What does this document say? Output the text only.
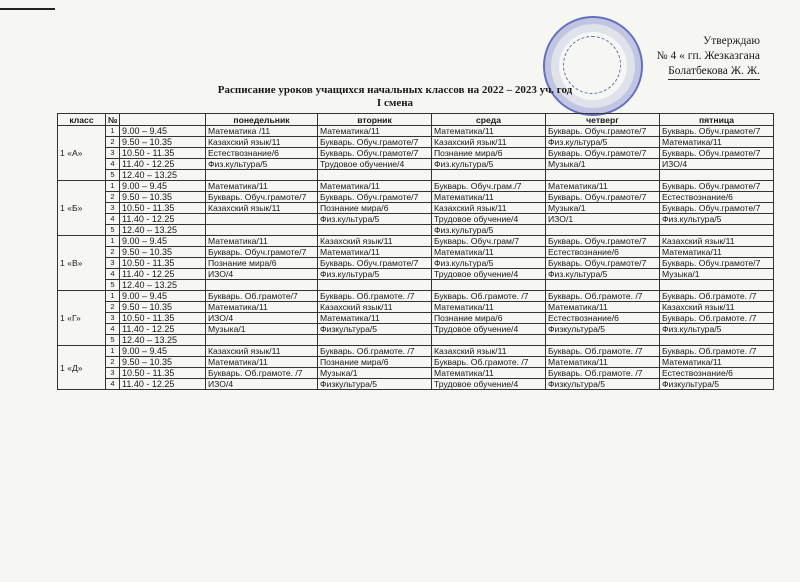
Утверждаю
№ 4 « гп. Жезказгана
Болатбекова Ж. Ж.
Расписание уроков учащихся начальных классов на 2022 – 2023 уч. год
I смена
класс	№		понедельник	вторник	среда	четверг	пятница
1 «А»	1	9.00 – 9.45	Математика /11	Математика/11	Математика/11	Букварь. Обуч.грамоте/7	Букварь. Обуч.грамоте/7
	2	9.50 – 10.35	Казахский язык/11	Букварь. Обуч.грамоте/7	Казахский язык/11	Физ.культура/5	Математика/11
	3	10.50 - 11.35	Естествознание/6	Букварь. Обуч.грамоте/7	Познание мира/6	Букварь. Обуч.грамоте/7	Букварь. Обуч.грамоте/7
	4	11.40 - 12.25	Физ.культура/5	Трудовое обучение/4	Физ.культура/5	Музыка/1	ИЗО/4
	5	12.40 – 13.25					
1 «Б»	1	9.00 – 9.45	Математика/11	Математика/11	Букварь. Обуч.грам./7	Математика/11	Букварь. Обуч.грамоте/7
	2	9.50 – 10.35	Букварь. Обуч.грамоте/7	Букварь. Обуч.грамоте/7	Математика/11	Букварь. Обуч.грамоте/7	Естествознание/6
	3	10.50 - 11.35	Казахский язык/11	Познание мира/6	Казахский язык/11	Музыка/1	Букварь. Обуч.грамоте/7
	4	11.40 - 12.25		Физ.культура/5	Трудовое обучение/4	ИЗО/1	Физ.культура/5
	5	12.40 – 13.25			Физ.культура/5		
1 «В»	1	9.00 – 9.45	Математика/11	Казахский язык/11	Букварь. Обуч.грам/7	Букварь. Обуч.грамоте/7	Казахский язык/11
	2	9.50 – 10.35	Букварь. Обуч.грамоте/7	Математика/11	Математика/11	Естествознание/6	Математика/11
	3	10.50 - 11.35	Познание мира/6	Букварь. Обуч.грамоте/7	Физ.культура/5	Букварь. Обуч.грамоте/7	Букварь. Обуч.грамоте/7
	4	11.40 - 12.25	ИЗО/4	Физ.культура/5	Трудовое обучение/4	Физ.культура/5	Музыка/1
	5	12.40 – 13.25					
1 «Г»	1	9.00 – 9.45	Букварь. Об.грамоте/7	Букварь. Об.грамоте. /7	Букварь. Об.грамоте. /7	Букварь. Об.грамоте. /7	Букварь. Об.грамоте. /7
	2	9.50 – 10.35	Математика/11	Казахский язык/11	Математика/11	Математика/11	Казахский язык/11
	3	10.50 - 11.35	ИЗО/4	Математика/11	Познание мира/6	Естествознание/6	Букварь. Об.грамоте. /7
	4	11.40 - 12.25	Музыка/1	Физкультура/5	Трудовое обучение/4	Физкультура/5	Физ.культура/5
	5	12.40 – 13.25					
1 «Д»	1	9.00 – 9.45	Казахский язык/11	Букварь. Об.грамоте. /7	Казахский язык/11	Букварь. Об.грамоте. /7	Букварь. Об.грамоте. /7
	2	9.50 – 10.35	Математика/11	Познание мира/6	Букварь. Об.грамоте. /7	Математика/11	Математика/11
	3	10.50 - 11.35	Букварь. Об.грамоте. /7	Музыка/1	Математика/11	Букварь. Об.грамоте. /7	Естествознание/6
	4	11.40 - 12.25	ИЗО/4	Физкультура/5	Трудовое обучение/4	Физкультура/5	Физкультура/5
